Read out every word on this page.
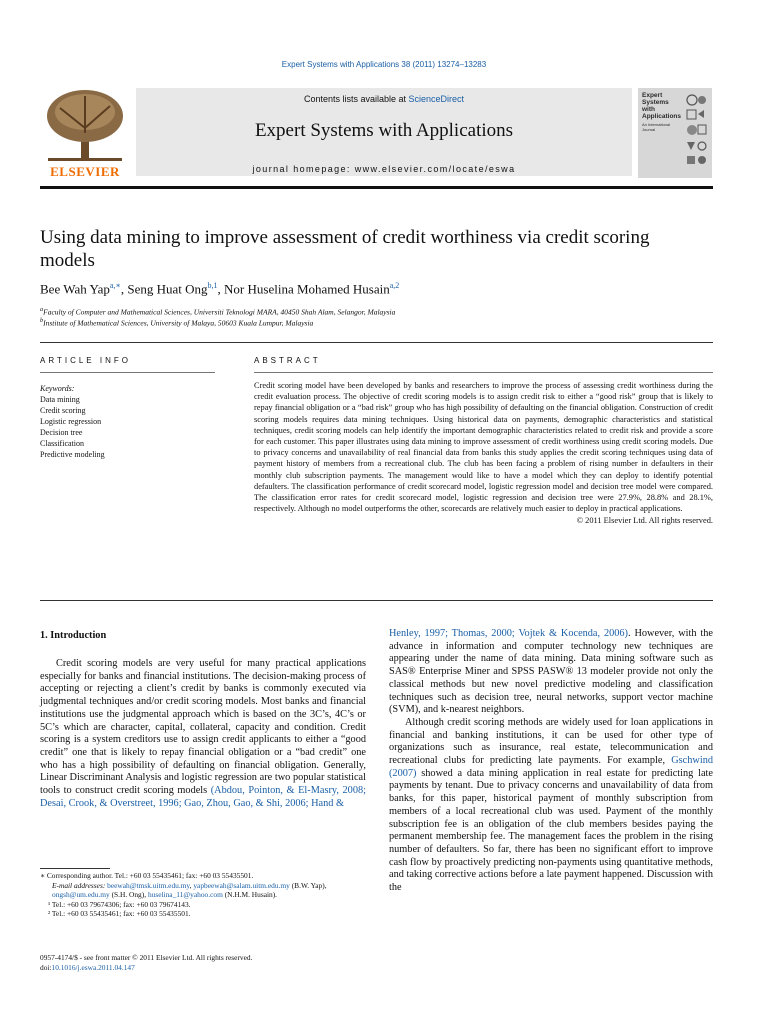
Expert Systems with Applications 38 (2011) 13274–13283
ELSEVIER
Contents lists available at ScienceDirect
Expert Systems with Applications
journal homepage: www.elsevier.com/locate/eswa
Expert
Systems
with
Applications
An International Journal
Using data mining to improve assessment of credit worthiness via credit scoring models
Bee Wah Yap$^{a,∗}$, Seng Huat Ong$^{b,1}$, Nor Huselina Mohamed Husain$^{a,2}$
$^a$Faculty of Computer and Mathematical Sciences, Universiti Teknologi MARA, 40450 Shah Alam, Selangor, Malaysia
$^b$Institute of Mathematical Sciences, University of Malaya, 50603 Kuala Lumpur, Malaysia
ARTICLE INFO	ABSTRACT
Keywords:
Data mining
Credit scoring
Logistic regression
Decision tree
Classification
Predictive modeling
Credit scoring model have been developed by banks and researchers to improve the process of assessing credit worthiness during the credit evaluation process. The objective of credit scoring models is to assign credit risk to either a “good risk” group that is likely to repay financial obligation or a “bad risk” group who has high possibility of defaulting on the financial obligation. Construction of credit scoring models requires data mining techniques. Using historical data on payments, demographic characteristics and statistical techniques, credit scoring models can help identify the important demographic characteristics related to credit risk and provide a score for each customer. This paper illustrates using data mining to improve assessment of credit worthiness using credit scoring models. Due to privacy concerns and unavailability of real financial data from banks this study applies the credit scoring techniques using data of payment history of members from a recreational club. The club has been facing a problem of rising number in defaulters in their monthly club subscription payments. The management would like to have a model which they can deploy to identify potential defaulters. The classification performance of credit scorecard model, logistic regression model and decision tree model were compared. The classification error rates for credit scorecard model, logistic regression and decision tree were 27.9%, 28.8% and 28.1%, respectively. Although no model outperforms the other, scorecards are relatively much easier to deploy in practical applications.
© 2011 Elsevier Ltd. All rights reserved.
1. Introduction

Credit scoring models are very useful for many practical applications especially for banks and financial institutions. The decision-making process of accepting or rejecting a client’s credit by banks is commonly executed via judgmental techniques and/or credit scoring models. Most banks and financial institutions use the judgmental approach which is based on the 3C’s, 4C’s or 5C’s which are character, capital, collateral, capacity and condition. Credit scoring is a system creditors use to assign credit applicants to either a “good credit” one that is likely to repay financial obligation or a “bad credit” one who has a high possibility of defaulting on financial obligation. Generally, Linear Discriminant Analysis and logistic regression are two popular statistical tools to construct credit scoring models (Abdou, Pointon, & El-Masry, 2008; Desai, Crook, & Overstreet, 1996; Gao, Zhou, Gao, & Shi, 2006; Hand &

Henley, 1997; Thomas, 2000; Vojtek & Kocenda, 2006). However, with the advance in information and computer technology new techniques are appearing under the name of data mining. Data mining software such as SAS® Enterprise Miner and SPSS PASW® 13 modeler provide not only the classical methods but new novel predictive modeling and classification techniques such as decision tree, neural networks, support vector machine (SVM), and k-nearest neighbors.

Although credit scoring methods are widely used for loan applications in financial and banking institutions, it can be used for other type of organizations such as insurance, real estate, telecommunication and recreational clubs for predicting late payments. For example, Gschwind (2007) showed a data mining application in real estate for predicting late payments by tenant. Due to privacy concerns and unavailability of data from banks, for this paper, historical payment of monthly subscription from members of a local recreational club was used. Payment of the monthly subscription fee is an obligation of the club members besides paying the permanent membership fee. The management faces the problem in the rising number of defaulters. So far, there has been no significant effort to improve cash flow by proactively predicting non-payments using quantitative methods, and taking corrective actions before a late payment happened. Discussion with the

∗ Corresponding author. Tel.: +60 03 55435461; fax: +60 03 55435501.
E-mail addresses: beewah@tmsk.uitm.edu.my, yapbeewah@salam.uitm.edu.my (B.W. Yap), ongsh@um.edu.my (S.H. Ong), huselina_11@yahoo.com (N.H.M. Husain).
¹ Tel.: +60 03 79674306; fax: +60 03 79674143.
² Tel.: +60 03 55435461; fax: +60 03 55435501.
0957-4174/$ - see front matter © 2011 Elsevier Ltd. All rights reserved.
doi:10.1016/j.eswa.2011.04.147
